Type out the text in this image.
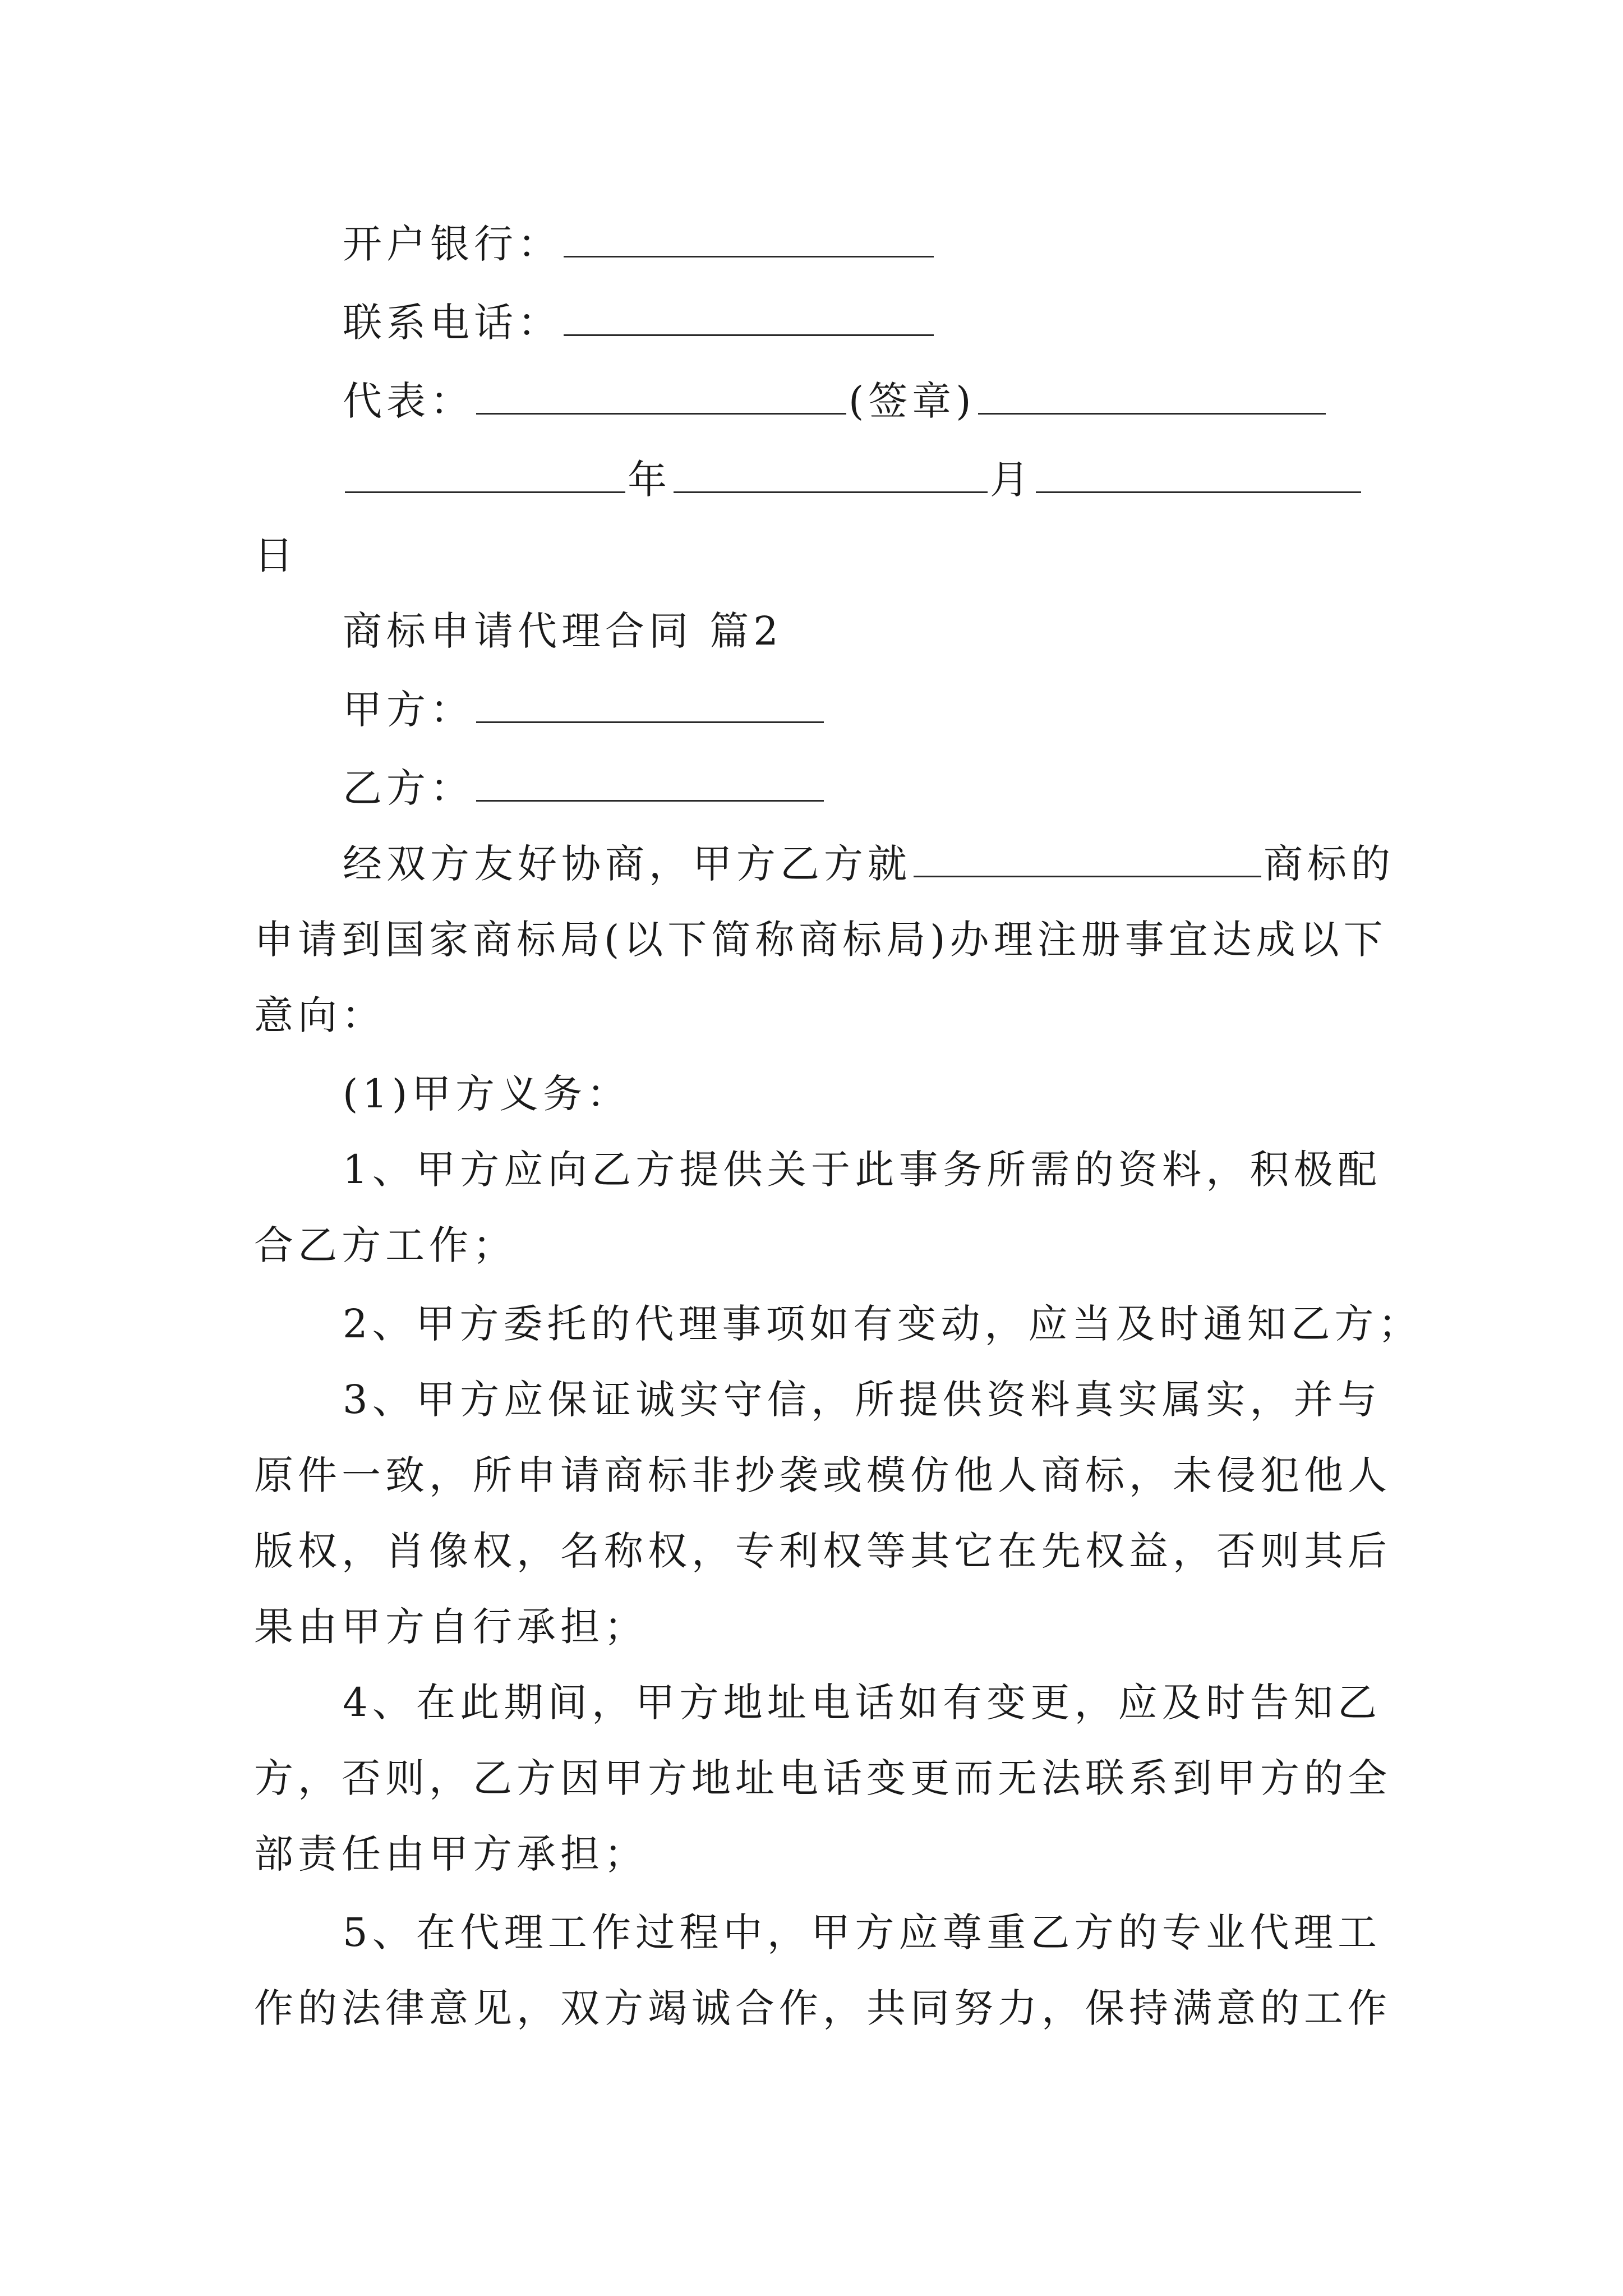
开户银行：
联系电话：
代表：	(签章)
年	月
日
商标申请代理合同 篇2
甲方：
乙方：
经双方友好协商，甲方乙方就	商标的
申请到国家商标局(以下简称商标局)办理注册事宜达成以下
意向：
(1)甲方义务：
1、甲方应向乙方提供关于此事务所需的资料，积极配
合乙方工作；
2、甲方委托的代理事项如有变动，应当及时通知乙方；
3、甲方应保证诚实守信，所提供资料真实属实，并与
原件一致，所申请商标非抄袭或模仿他人商标，未侵犯他人
版权，肖像权，名称权，专利权等其它在先权益，否则其后
果由甲方自行承担；
4、在此期间，甲方地址电话如有变更，应及时告知乙
方，否则，乙方因甲方地址电话变更而无法联系到甲方的全
部责任由甲方承担；
5、在代理工作过程中，甲方应尊重乙方的专业代理工
作的法律意见，双方竭诚合作，共同努力，保持满意的工作
